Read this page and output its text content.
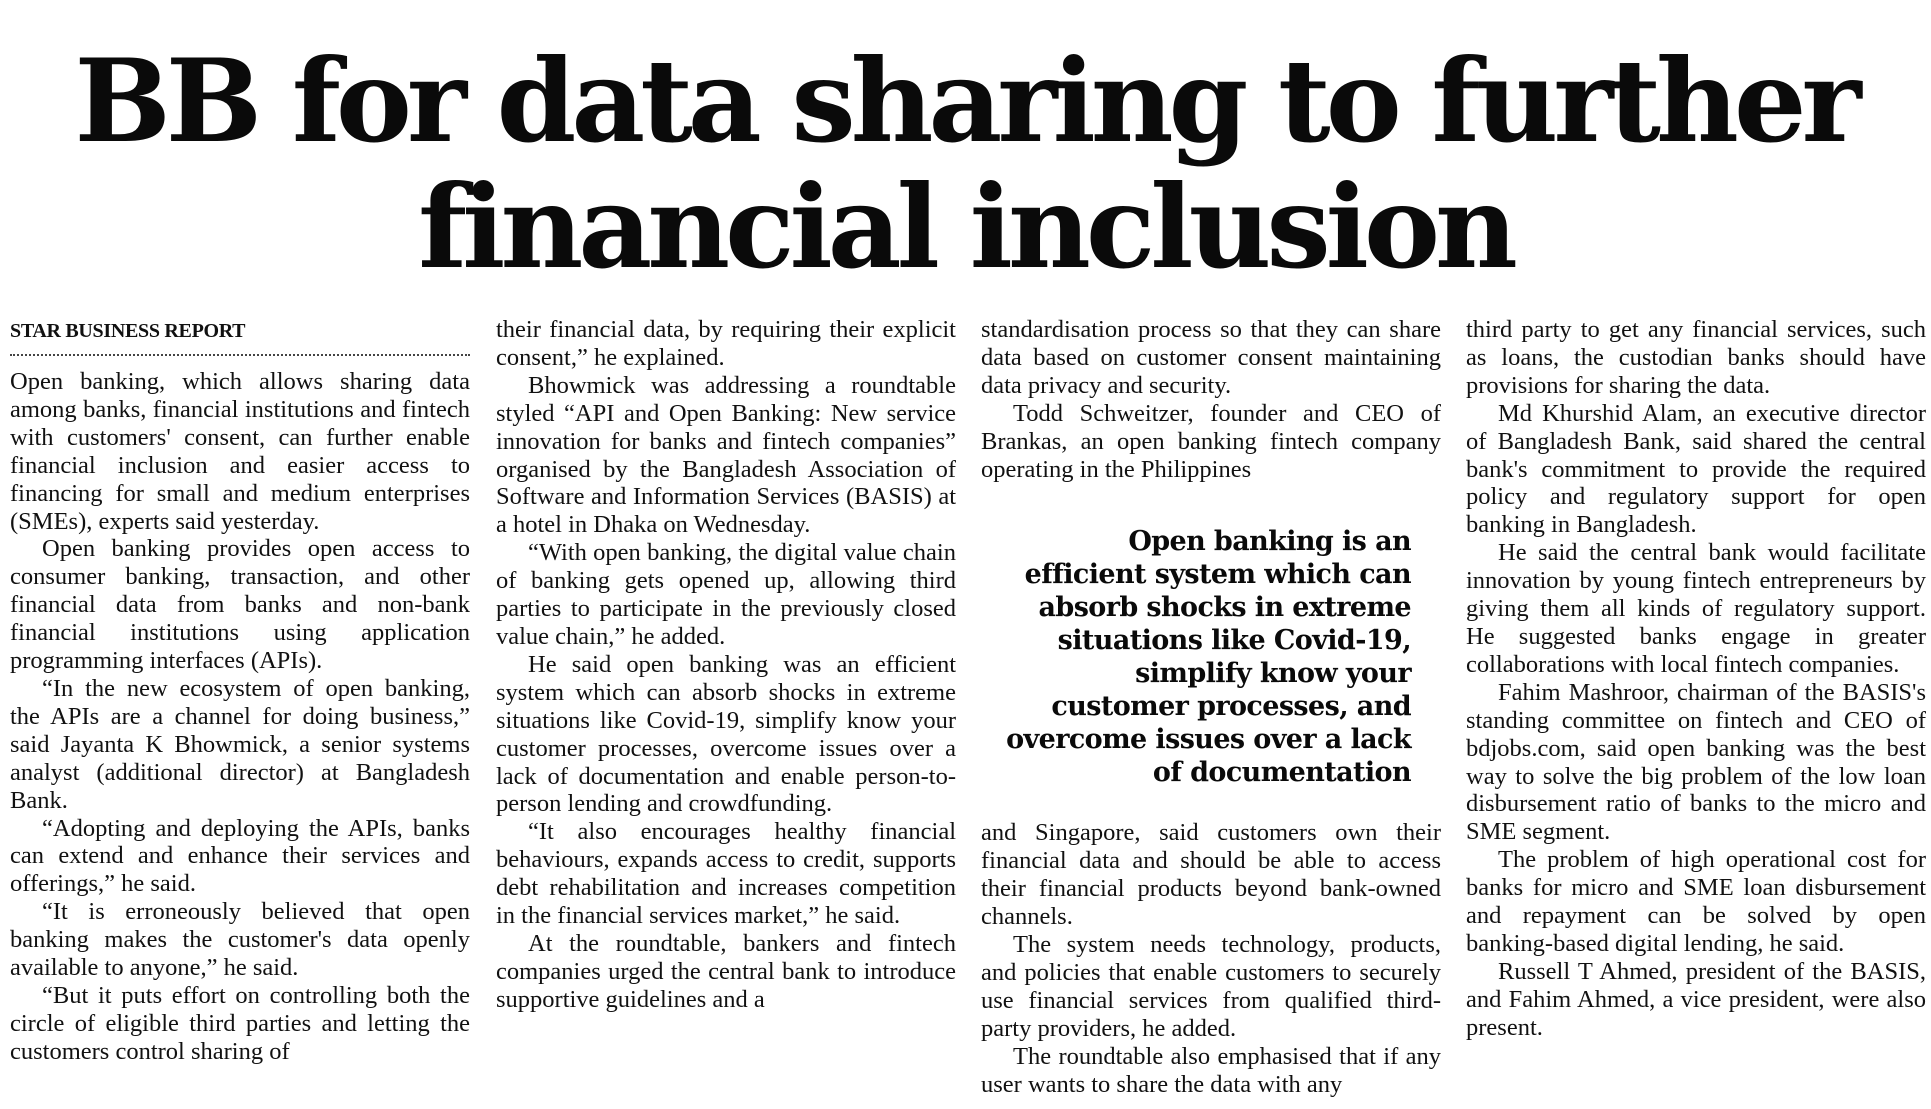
BB for data sharing to further
financial inclusion
STAR BUSINESS REPORT

Open banking, which allows sharing data among banks, financial institutions and fintech with customers' consent, can further enable financial inclusion and easier access to financing for small and medium enterprises (SMEs), experts said yesterday.

Open banking provides open access to consumer banking, transaction, and other financial data from banks and non-bank financial institutions using application programming interfaces (APIs).

“In the new ecosystem of open banking, the APIs are a channel for doing business,” said Jayanta K Bhowmick, a senior systems analyst (additional director) at Bangladesh Bank.

“Adopting and deploying the APIs, banks can extend and enhance their services and offerings,” he said.

“It is erroneously believed that open banking makes the customer's data openly available to anyone,” he said.

“But it puts effort on controlling both the circle of eligible third parties and letting the customers control sharing of

their financial data, by requiring their explicit consent,” he explained.

Bhowmick was addressing a roundtable styled “API and Open Banking: New service innovation for banks and fintech companies” organised by the Bangladesh Association of Software and Information Services (BASIS) at a hotel in Dhaka on Wednesday.

“With open banking, the digital value chain of banking gets opened up, allowing third parties to participate in the previously closed value chain,” he added.

He said open banking was an efficient system which can absorb shocks in extreme situations like Covid-19, simplify know your customer processes, overcome issues over a lack of documentation and enable person-to-person lending and crowdfunding.

“It also encourages healthy financial behaviours, expands access to credit, supports debt rehabilitation and increases competition in the financial services market,” he said.

At the roundtable, bankers and fintech companies urged the central bank to introduce supportive guidelines and a

standardisation process so that they can share data based on customer consent maintaining data privacy and security.

Todd Schweitzer, founder and CEO of Brankas, an open banking fintech company operating in the Philippines

Open banking is an efficient system which can absorb shocks in extreme situations like Covid-19, simplify know your customer processes, and overcome issues over a lack of documentation

and Singapore, said customers own their financial data and should be able to access their financial products beyond bank-owned channels.

The system needs technology, products, and policies that enable customers to securely use financial services from qualified third-party providers, he added.

The roundtable also emphasised that if any user wants to share the data with any

third party to get any financial services, such as loans, the custodian banks should have provisions for sharing the data.

Md Khurshid Alam, an executive director of Bangladesh Bank, said shared the central bank's commitment to provide the required policy and regulatory support for open banking in Bangladesh.

He said the central bank would facilitate innovation by young fintech entrepreneurs by giving them all kinds of regulatory support. He suggested banks engage in greater collaborations with local fintech companies.

Fahim Mashroor, chairman of the BASIS's standing committee on fintech and CEO of bdjobs.com, said open banking was the best way to solve the big problem of the low loan disbursement ratio of banks to the micro and SME segment.

The problem of high operational cost for banks for micro and SME loan disbursement and repayment can be solved by open banking-based digital lending, he said.

Russell T Ahmed, president of the BASIS, and Fahim Ahmed, a vice president, were also present.
